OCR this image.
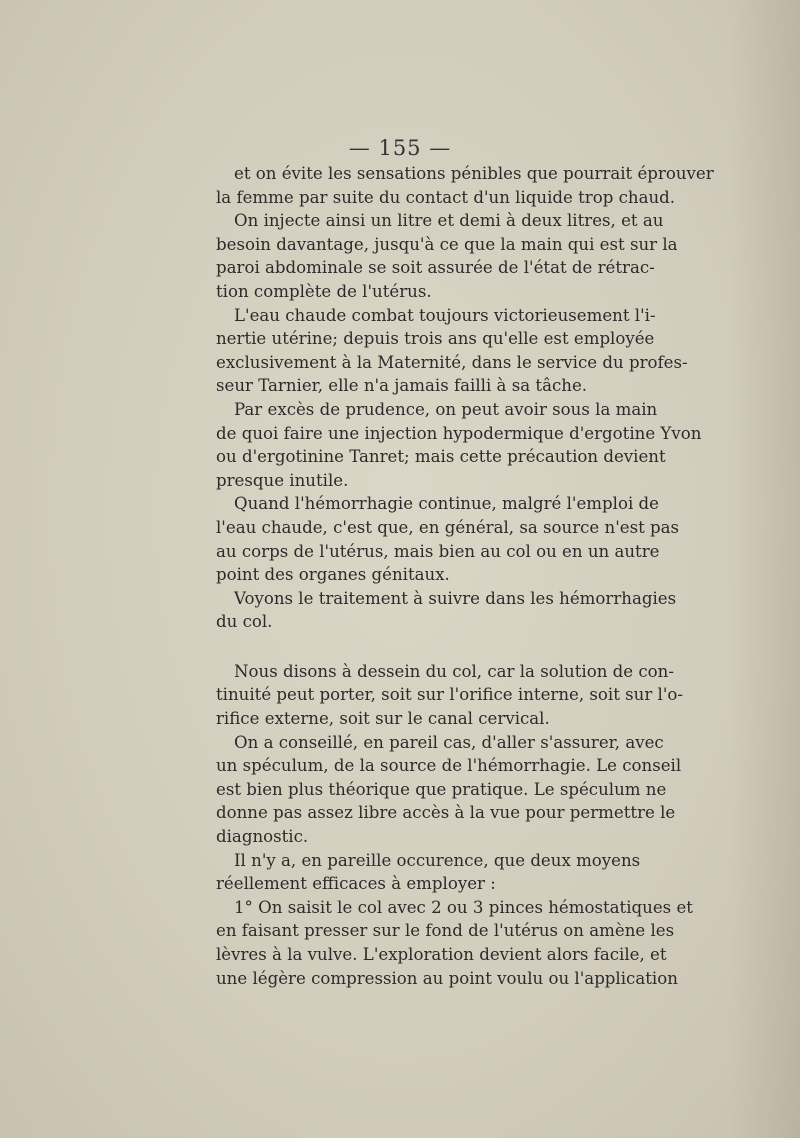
— 155 —
et on évite les sensations pénibles que pourrait éprouver
la femme par suite du contact d'un liquide trop chaud.
On injecte ainsi un litre et demi à deux litres, et au
besoin davantage, jusqu'à ce que la main qui est sur la
paroi abdominale se soit assurée de l'état de rétrac-
tion complète de l'utérus.
L'eau chaude combat toujours victorieusement l'i-
nertie utérine; depuis trois ans qu'elle est employée
exclusivement à la Maternité, dans le service du profes-
seur Tarnier, elle n'a jamais failli à sa tâche.
Par excès de prudence, on peut avoir sous la main
de quoi faire une injection hypodermique d'ergotine Yvon
ou d'ergotinine Tanret; mais cette précaution devient
presque inutile.
Quand l'hémorrhagie continue, malgré l'emploi de
l'eau chaude, c'est que, en général, sa source n'est pas
au corps de l'utérus, mais bien au col ou en un autre
point des organes génitaux.
Voyons le traitement à suivre dans les hémorrhagies
du col.
Nous disons à dessein du col, car la solution de con-
tinuité peut porter, soit sur l'orifice interne, soit sur l'o-
rifice externe, soit sur le canal cervical.
On a conseillé, en pareil cas, d'aller s'assurer, avec
un spéculum, de la source de l'hémorrhagie. Le conseil
est bien plus théorique que pratique. Le spéculum ne
donne pas assez libre accès à la vue pour permettre le
diagnostic.
Il n'y a, en pareille occurence, que deux moyens
réellement efficaces à employer :
1° On saisit le col avec 2 ou 3 pinces hémostatiques et
en faisant presser sur le fond de l'utérus on amène les
lèvres à la vulve. L'exploration devient alors facile, et
une légère compression au point voulu ou l'application
